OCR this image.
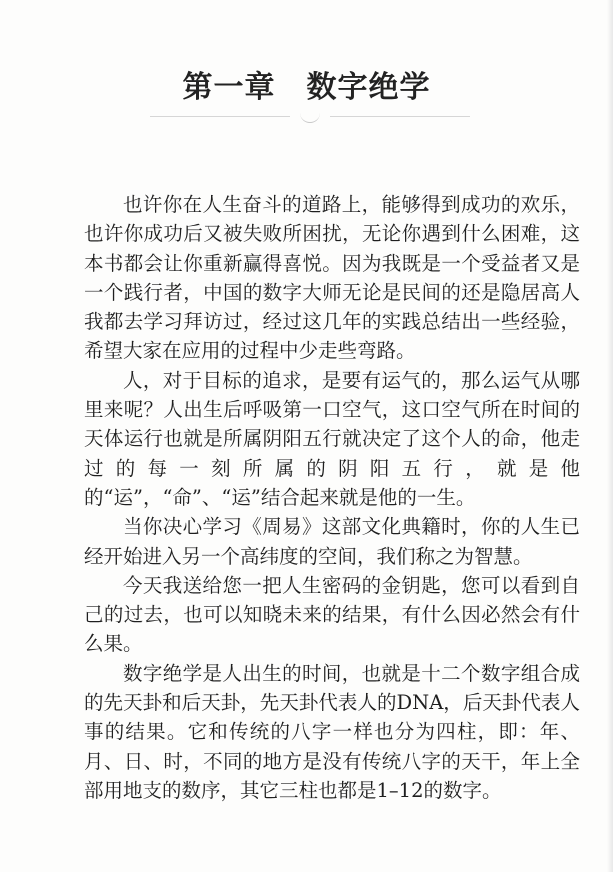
第一章　数字绝学

也许你在人生奋斗的道路上，能够得到成功的欢乐，也许你成功后又被失败所困扰，无论你遇到什么困难，这本书都会让你重新赢得喜悦。因为我既是一个受益者又是一个践行者，中国的数字大师无论是民间的还是隐居高人我都去学习拜访过，经过这几年的实践总结出一些经验，希望大家在应用的过程中少走些弯路。

人，对于目标的追求，是要有运气的，那么运气从哪里来呢？人出生后呼吸第一口空气，这口空气所在时间的天体运行也就是所属阴阳五行就决定了这个人的命，他走过的每一刻所属的阴阳五行，就是他的“运”，“命”、“运”结合起来就是他的一生。

当你决心学习《周易》这部文化典籍时，你的人生已经开始进入另一个高纬度的空间，我们称之为智慧。

今天我送给您一把人生密码的金钥匙，您可以看到自己的过去，也可以知晓未来的结果，有什么因必然会有什么果。

数字绝学是人出生的时间，也就是十二个数字组合成的先天卦和后天卦，先天卦代表人的DNA，后天卦代表人事的结果。它和传统的八字一样也分为四柱，即：年、月、日、时，不同的地方是没有传统八字的天干，年上全部用地支的数序，其它三柱也都是1–12的数字。
